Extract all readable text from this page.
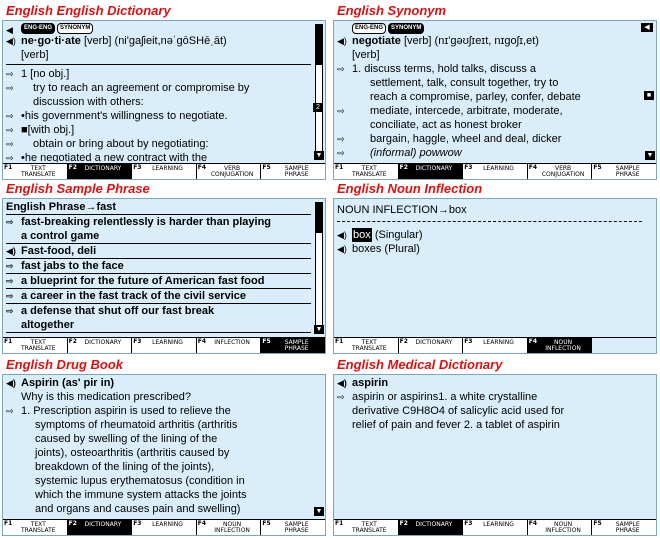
English English Dictionary
◀	ENG-ENG	SYNONYM
◀) ne·go·ti·ate
[verb]
(ni'gaʃieit,nəˈgōSHēˌāt)
[verb]
⇨ 1 [no obj.]
⇨	try to reach an agreement or compromise by
discussion with others:
⇨ • his government's willingness to negotiate.
⇨ ■ [with obj.]
⇨	obtain or bring about by negotiating:
⇨ • he negotiated a new contract with the
2
▼
F1	TEXT
TRANSLATE
F2	DICTIONARY	F3	LEARNING	F4	VERB
CONJUGATION
F5	SAMPLE
PHRASE
English Synonym
ENG-ENG	SYNONYM
◀) negotiate
[verb]
(nɪ'gəʊʃɪeɪt, nɪgoʃɪ,et)
[verb]
⇨ 1. discuss terms, hold talks, discuss a
settlement, talk, consult together, try to
reach a compromise, parley, confer, debate
⇨	mediate, intercede, arbitrate, moderate,
conciliate, act as honest broker
⇨	bargain, haggle, wheel and deal, dicker
⇨	(informal) powwow
◀
■
▼
F1	TEXT
TRANSLATE
F2	DICTIONARY	F3	LEARNING	F4	VERB
CONJUGATION
F5	SAMPLE
PHRASE
English Sample Phrase
English Phrase→fast
⇨ fast-breaking relentlessly is harder than playing
a control game
◀) Fast-food, deli
⇨ fast jabs to the face
⇨ a blueprint for the future of American fast food
⇨ a career in the fast track of the civil service
⇨ a defense that shut off our fast break
altogether	▼
F1	TEXT
TRANSLATE
F2	DICTIONARY	F3	LEARNING	F4	INFLECTION	F5	SAMPLE
PHRASE
English Noun Inflection
NOUN INFLECTION→box
◀) box
(Singular)
◀) boxes
(Plural)
F1	TEXT
TRANSLATE
F2	DICTIONARY	F3	LEARNING	F4	NOUN
INFLECTION
English Drug Book
◀) Aspirin (as' pir in)
Why is this medication prescribed?
⇨ 1. Prescription aspirin is used to relieve the
symptoms of rheumatoid arthritis (arthritis
caused by swelling of the lining of the
joints), osteoarthritis (arthritis caused by
breakdown of the lining of the joints),
systemic lupus erythematosus (condition in
which the immune system attacks the joints
and organs and causes pain and swelling)	▼
F1	TEXT
TRANSLATE
F2	DICTIONARY	F3	LEARNING	F4	NOUN
INFLECTION
F5	SAMPLE
PHRASE
English Medical Dictionary
◀) aspirin
⇨ aspirin or aspirins1. a white crystalline
derivative C9H8O4 of salicylic acid used for
relief of pain and fever 2. a tablet of aspirin
F1	TEXT
TRANSLATE
F2	DICTIONARY	F3	LEARNING	F4	NOUN
INFLECTION
F5	SAMPLE
PHRASE
